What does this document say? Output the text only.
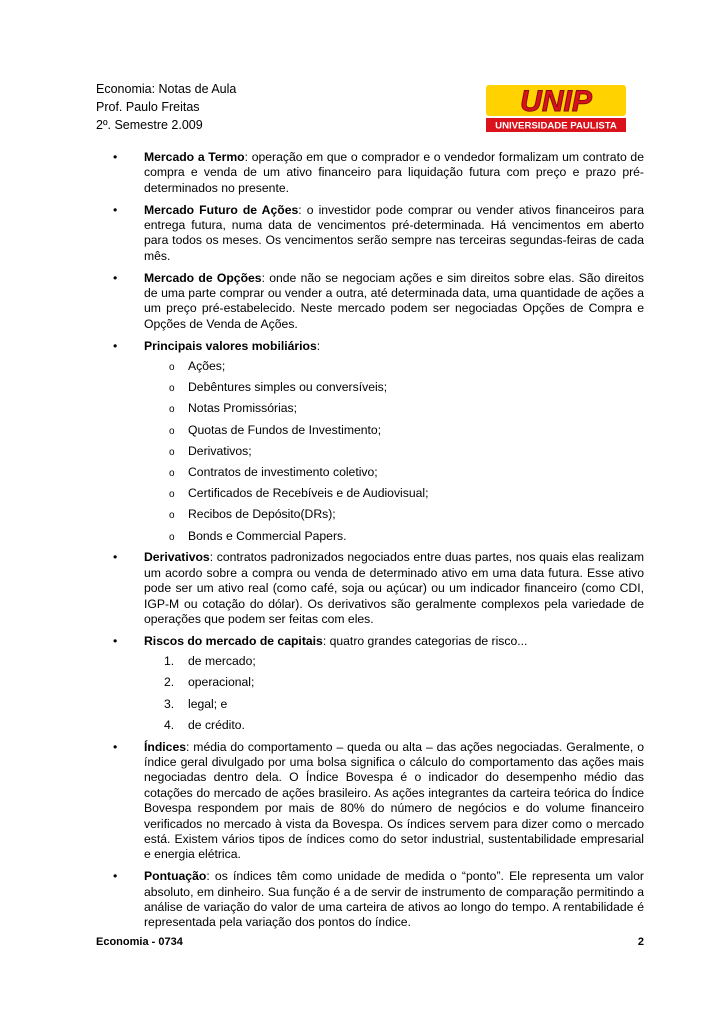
Economia: Notas de Aula
Prof. Paulo Freitas
2º. Semestre 2.009
UNIP
UNIVERSIDADE PAULISTA
• Mercado a Termo: operação em que o comprador e o vendedor formalizam um contrato de compra e venda de um ativo financeiro para liquidação futura com preço e prazo pré-determinados no presente.
• Mercado Futuro de Ações: o investidor pode comprar ou vender ativos financeiros para entrega futura, numa data de vencimentos pré-determinada. Há vencimentos em aberto para todos os meses. Os vencimentos serão sempre nas terceiras segundas-feiras de cada mês.
• Mercado de Opções: onde não se negociam ações e sim direitos sobre elas. São direitos de uma parte comprar ou vender a outra, até determinada data, uma quantidade de ações a um preço pré-estabelecido. Neste mercado podem ser negociadas Opções de Compra e Opções de Venda de Ações.
• Principais valores mobiliários:
o Ações;
o Debêntures simples ou conversíveis;
o Notas Promissórias;
o Quotas de Fundos de Investimento;
o Derivativos;
o Contratos de investimento coletivo;
o Certificados de Recebíveis e de Audiovisual;
o Recibos de Depósito(DRs);
o Bonds e Commercial Papers.
• Derivativos: contratos padronizados negociados entre duas partes, nos quais elas realizam um acordo sobre a compra ou venda de determinado ativo em uma data futura. Esse ativo pode ser um ativo real (como café, soja ou açúcar) ou um indicador financeiro (como CDI, IGP-M ou cotação do dólar). Os derivativos são geralmente complexos pela variedade de operações que podem ser feitas com eles.
• Riscos do mercado de capitais: quatro grandes categorias de risco...
1. de mercado;
2. operacional;
3. legal; e
4. de crédito.
• Índices: média do comportamento – queda ou alta – das ações negociadas. Geralmente, o índice geral divulgado por uma bolsa significa o cálculo do comportamento das ações mais negociadas dentro dela. O Índice Bovespa é o indicador do desempenho médio das cotações do mercado de ações brasileiro. As ações integrantes da carteira teórica do Índice Bovespa respondem por mais de 80% do número de negócios e do volume financeiro verificados no mercado à vista da Bovespa. Os índices servem para dizer como o mercado está. Existem vários tipos de índices como do setor industrial, sustentabilidade empresarial e energia elétrica.
• Pontuação: os índices têm como unidade de medida o “ponto”. Ele representa um valor absoluto, em dinheiro. Sua função é a de servir de instrumento de comparação permitindo a análise de variação do valor de uma carteira de ativos ao longo do tempo. A rentabilidade é representada pela variação dos pontos do índice.
Economia - 0734	2
